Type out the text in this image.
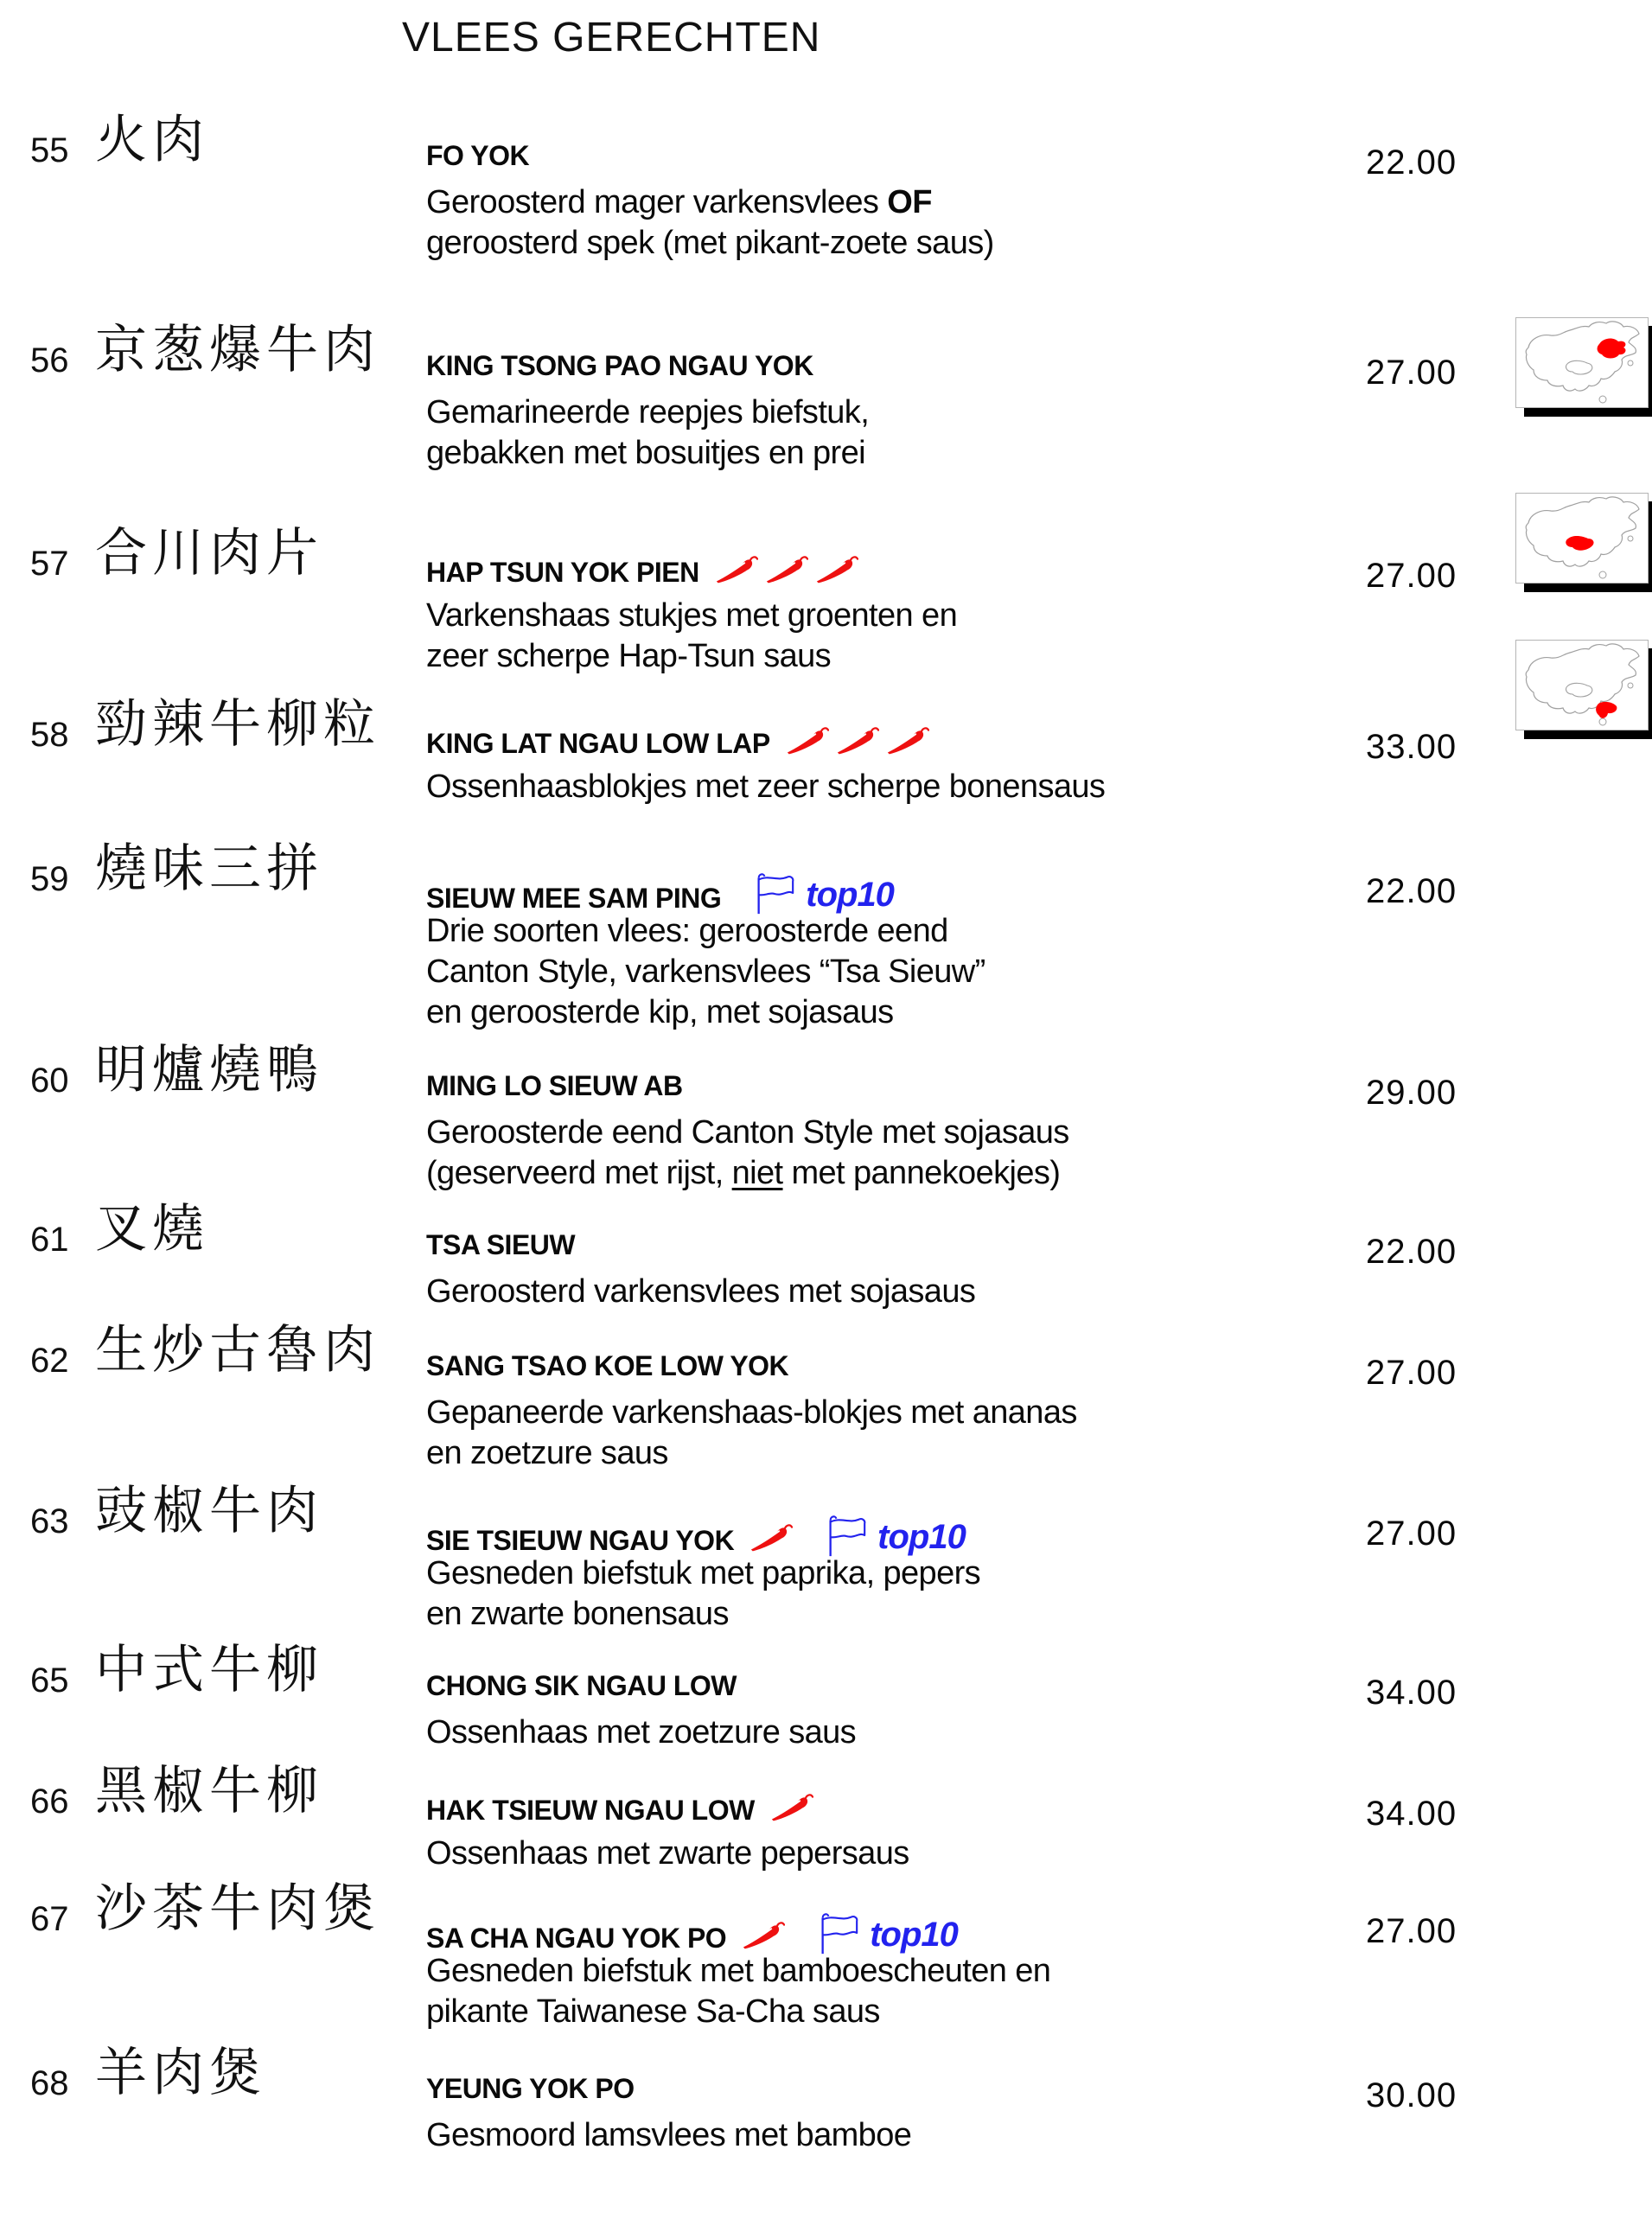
VLEES GERECHTEN
55 火肉	FO YOK
Geroosterd mager varkensvlees OF
geroosterd spek (met pikant-zoete saus)
22.00
56 京葱爆牛肉 KING TSONG PAO NGAU YOK
Gemarineerde reepjes biefstuk,
gebakken met bosuitjes en prei
27.00
57 合川肉片	HAP TSUN YOK PIEN
Varkenshaas stukjes met groenten en
zeer scherpe Hap-Tsun saus
27.00
58 勁辣牛柳粒 KING LAT NGAU LOW LAP
Ossenhaasblokjes met zeer scherpe bonensaus
33.00
59 燒味三拼	SIEUW MEE SAM PING top10
Drie soorten vlees: geroosterde eend
Canton Style, varkensvlees “Tsa Sieuw”
en geroosterde kip, met sojasaus
22.00
60 明爐燒鴨	MING LO SIEUW AB
Geroosterde eend Canton Style met sojasaus
(geserveerd met rijst, niet met pannekoekjes)
29.00
61 叉燒	TSA SIEUW
Geroosterd varkensvlees met sojasaus
22.00
62 生炒古魯肉 SANG TSAO KOE LOW YOK
Gepaneerde varkenshaas-blokjes met ananas
en zoetzure saus
27.00
63 豉椒牛肉	SIE TSIEUW NGAU YOK	top10
Gesneden biefstuk met paprika, pepers
en zwarte bonensaus
27.00
65 中式牛柳	CHONG SIK NGAU LOW
Ossenhaas met zoetzure saus
34.00
66 黑椒牛柳	HAK TSIEUW NGAU LOW
Ossenhaas met zwarte pepersaus
34.00
67 沙茶牛肉煲 SA CHA NGAU YOK PO	top10
Gesneden biefstuk met bamboescheuten en
pikante Taiwanese Sa-Cha saus
27.00
68 羊肉煲	YEUNG YOK PO
Gesmoord lamsvlees met bamboe
30.00
